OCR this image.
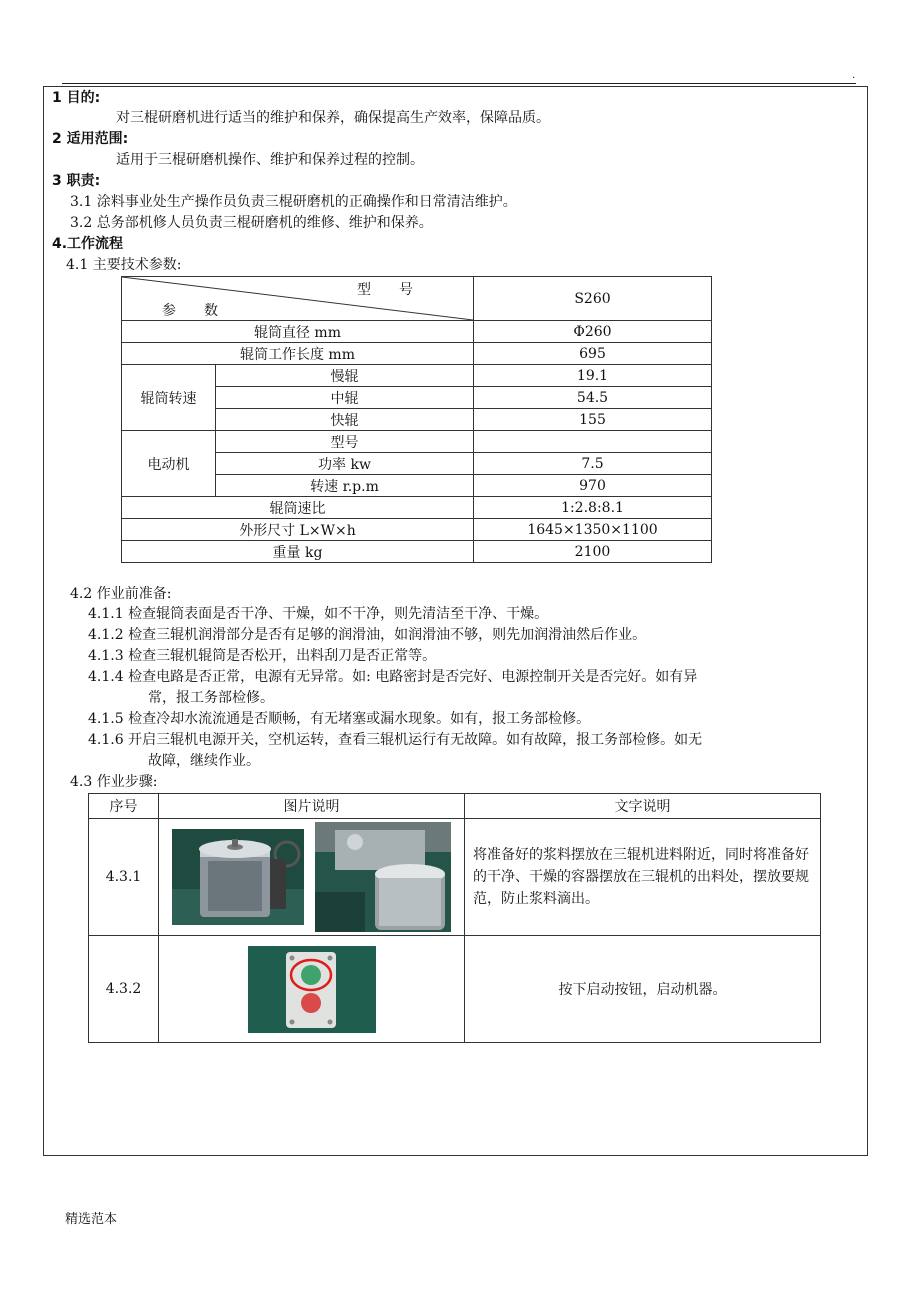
.
1 目的:
对三棍研磨机进行适当的维护和保养，确保提高生产效率，保障品质。
2 适用范围:
适用于三棍研磨机操作、维护和保养过程的控制。
3 职责:
3.1 涂料事业处生产操作员负责三棍研磨机的正确操作和日常清洁维护。
3.2 总务部机修人员负责三棍研磨机的维修、维护和保养。
4.工作流程
4.1 主要技术参数:
型　　号
参　　数		S260
辊筒直径 mm		Φ260
辊筒工作长度 mm		695
辊筒转速	慢辊	19.1
	中辊	54.5
	快辊	155
电动机	型号	
	功率 kw	7.5
	转速 r.p.m	970
辊筒速比		1:2.8:8.1
外形尺寸 L×W×h		1645×1350×1100
重量 kg		2100
4.2 作业前准备:
4.1.1 检查辊筒表面是否干净、干燥，如不干净，则先清洁至干净、干燥。
4.1.2 检查三辊机润滑部分是否有足够的润滑油，如润滑油不够，则先加润滑油然后作业。
4.1.3 检查三辊机辊筒是否松开，出料刮刀是否正常等。
4.1.4 检查电路是否正常，电源有无异常。如: 电路密封是否完好、电源控制开关是否完好。如有异
常，报工务部检修。
4.1.5 检查冷却水流流通是否顺畅，有无堵塞或漏水现象。如有，报工务部检修。
4.1.6 开启三辊机电源开关，空机运转，查看三辊机运行有无故障。如有故障，报工务部检修。如无
故障，继续作业。
4.3 作业步骤:
序号	图片说明	文字说明
4.3.1		将准备好的浆料摆放在三辊机进料附近，同时将准备好的干净、干燥的容器摆放在三辊机的出料处，摆放要规范，防止浆料滴出。
4.3.2		按下启动按钮，启动机器。
精选范本
